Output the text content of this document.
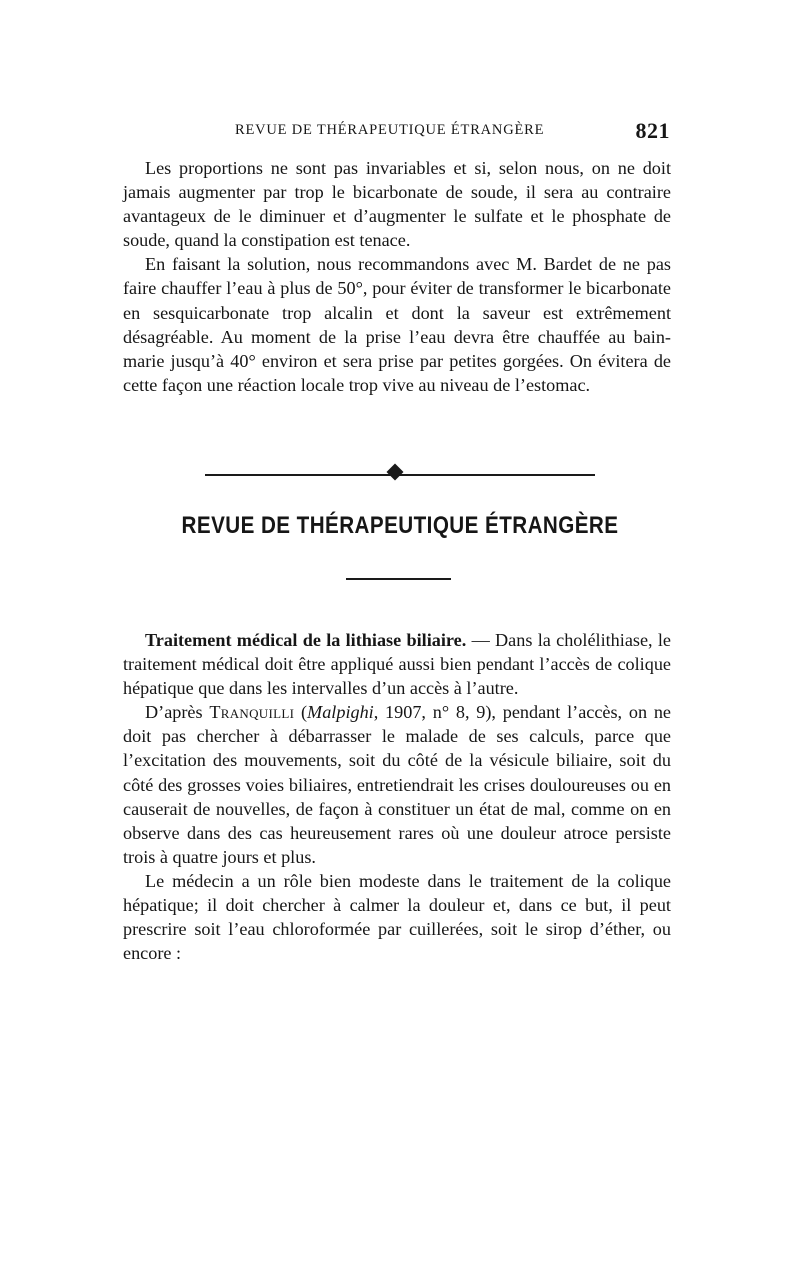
REVUE DE THÉRAPEUTIQUE ÉTRANGÈRE	821

Les proportions ne sont pas invariables et si, selon nous, on ne doit jamais augmenter par trop le bicarbonate de soude, il sera au contraire avantageux de le diminuer et d’augmenter le sulfate et le phosphate de soude, quand la constipation est tenace.

En faisant la solution, nous recommandons avec M. Bardet de ne pas faire chauffer l’eau à plus de 50°, pour éviter de transformer le bicarbonate en sesquicarbonate trop alcalin et dont la saveur est extrêmement désagréable. Au moment de la prise l’eau devra être chauffée au bain-marie jusqu’à 40° environ et sera prise par petites gorgées. On évitera de cette façon une réaction locale trop vive au niveau de l’estomac.

REVUE DE THÉRAPEUTIQUE ÉTRANGÈRE

Traitement médical de la lithiase biliaire. — Dans la cholélithiase, le traitement médical doit être appliqué aussi bien pendant l’accès de colique hépatique que dans les intervalles d’un accès à l’autre.

D’après Tranquilli (Malpighi, 1907, n° 8, 9), pendant l’accès, on ne doit pas chercher à débarrasser le malade de ses calculs, parce que l’excitation des mouvements, soit du côté de la vésicule biliaire, soit du côté des grosses voies biliaires, entretiendrait les crises douloureuses ou en causerait de nouvelles, de façon à constituer un état de mal, comme on en observe dans des cas heureusement rares où une douleur atroce persiste trois à quatre jours et plus.

Le médecin a un rôle bien modeste dans le traitement de la colique hépatique; il doit chercher à calmer la douleur et, dans ce but, il peut prescrire soit l’eau chloroformée par cuillerées, soit le sirop d’éther, ou encore :
